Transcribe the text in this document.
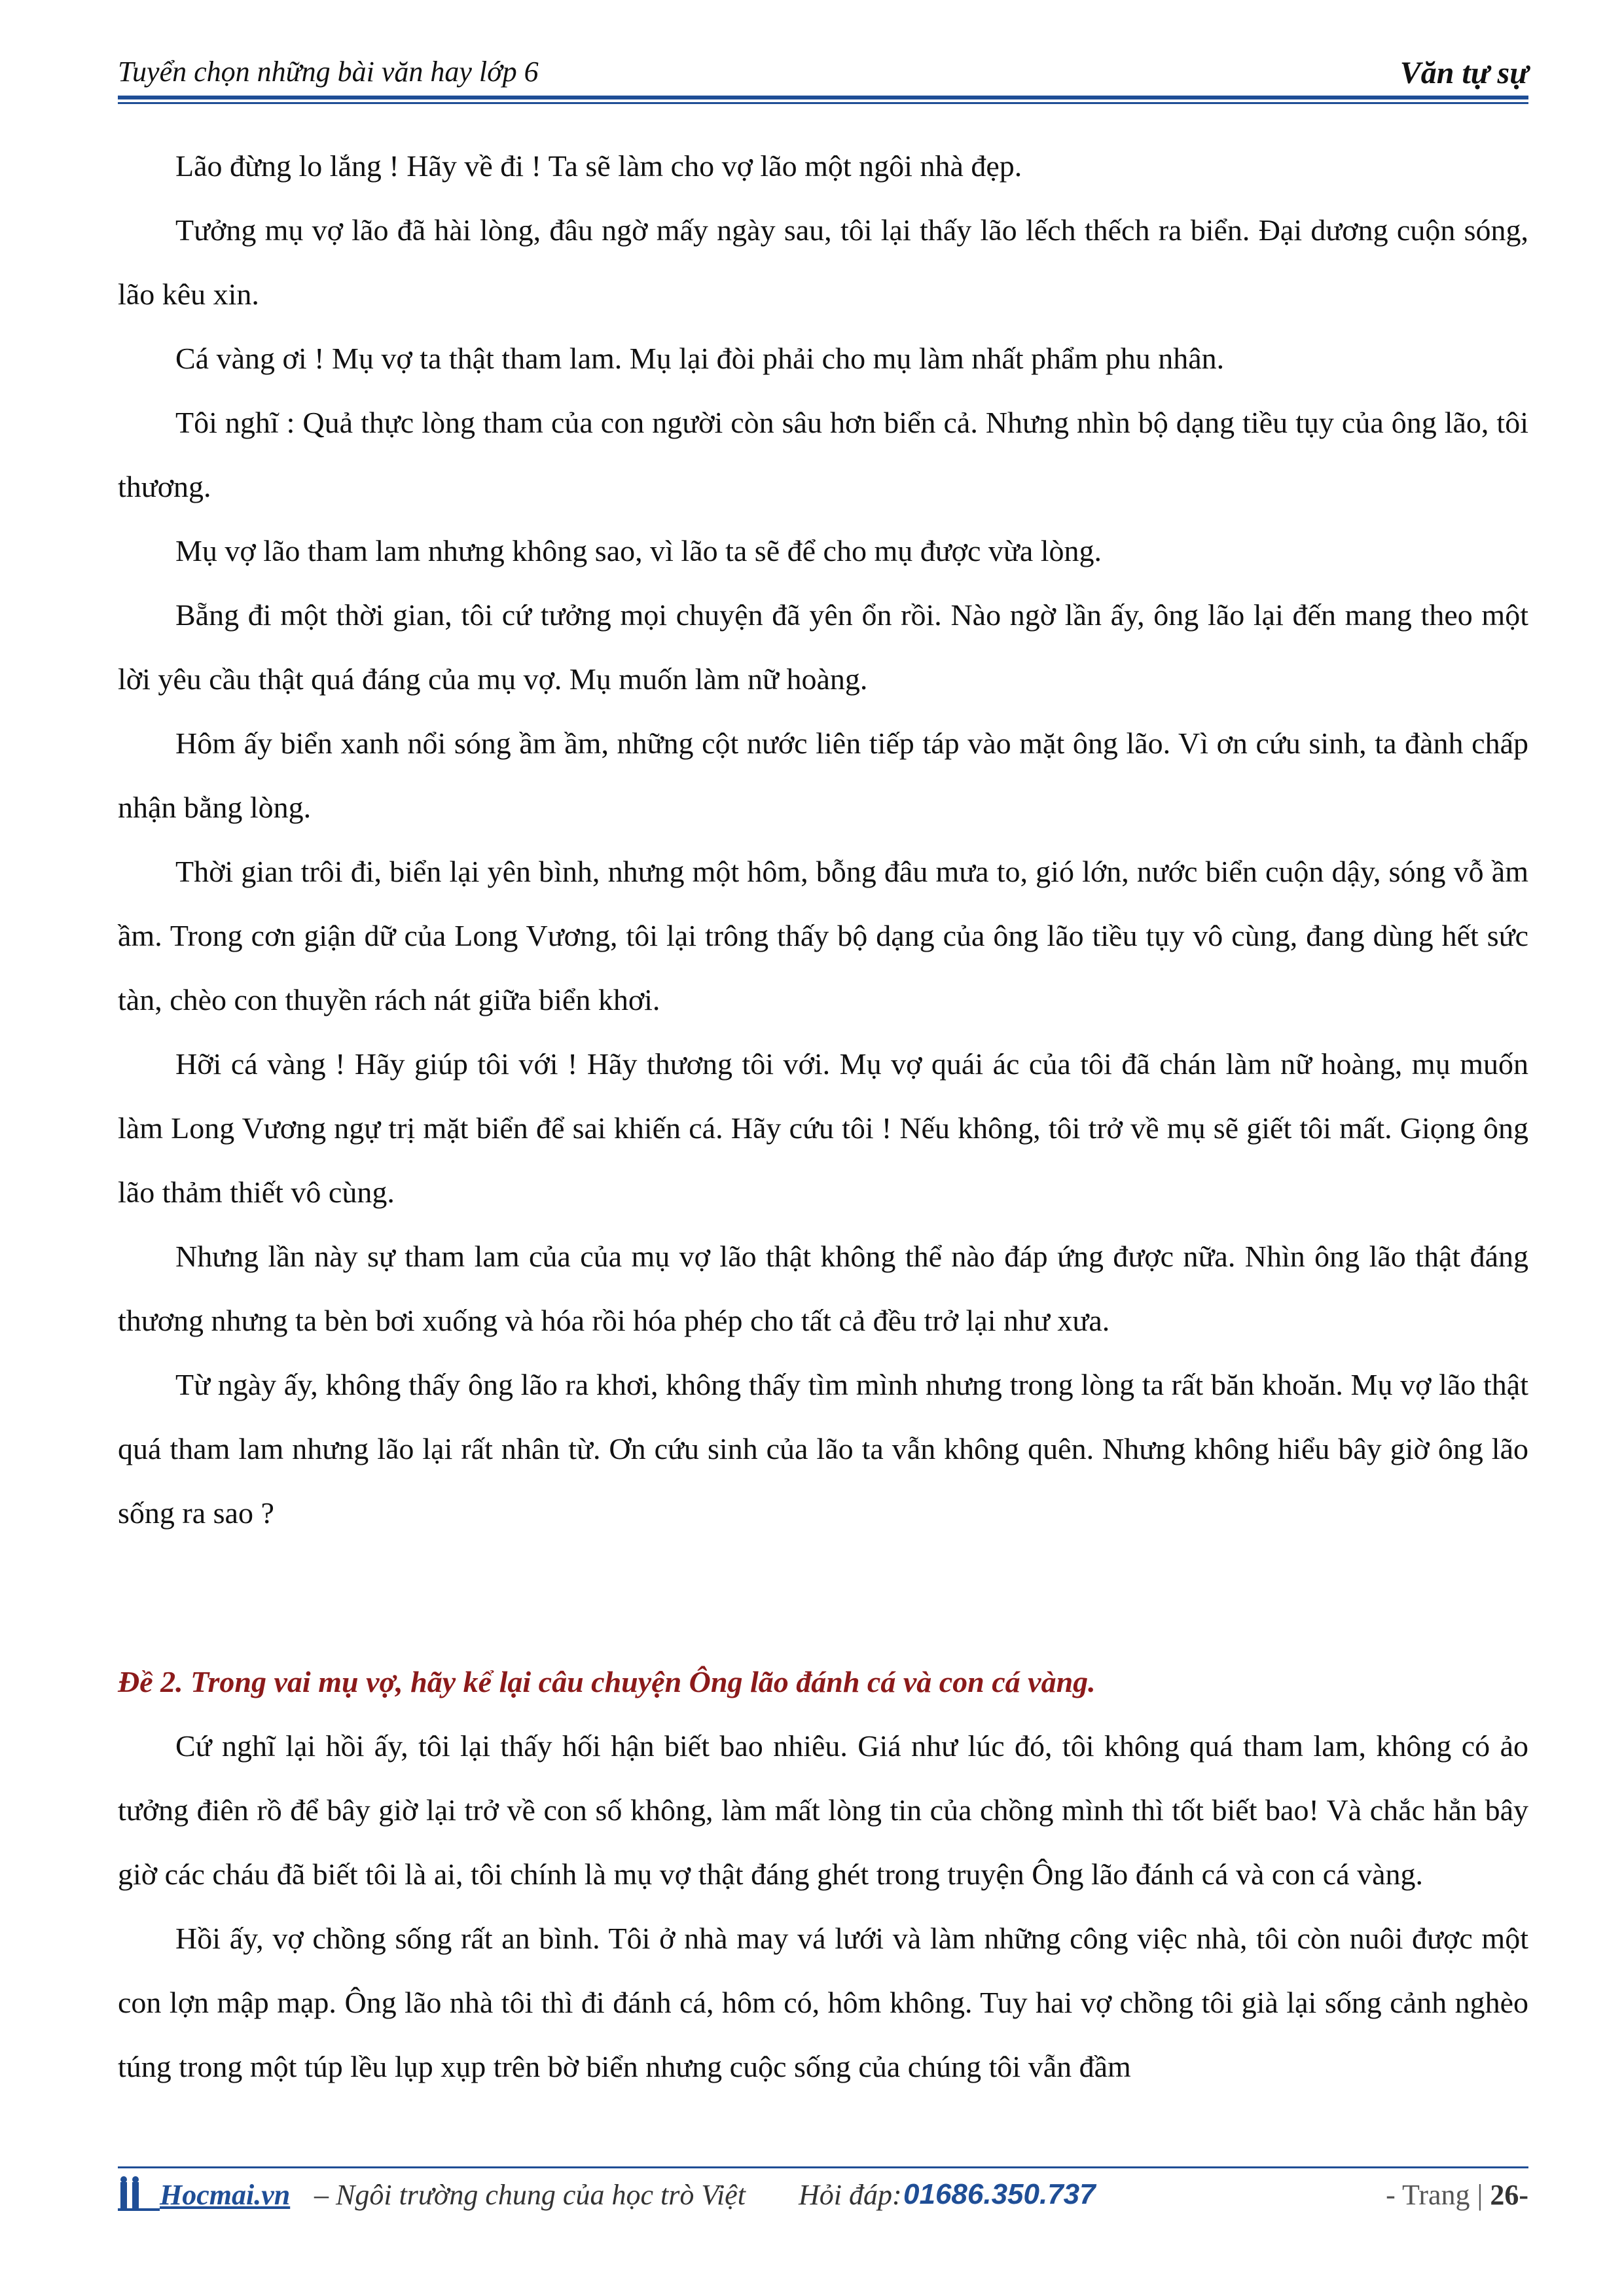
Tuyển chọn những bài văn hay lớp 6	Văn tự sự

Lão đừng lo lắng ! Hãy về đi ! Ta sẽ làm cho vợ lão một ngôi nhà đẹp.

Tưởng mụ vợ lão đã hài lòng, đâu ngờ mấy ngày sau, tôi lại thấy lão lếch thếch ra biển. Đại dương cuộn sóng, lão kêu xin.

Cá vàng ơi ! Mụ vợ ta thật tham lam. Mụ lại đòi phải cho mụ làm nhất phẩm phu nhân.

Tôi nghĩ : Quả thực lòng tham của con người còn sâu hơn biển cả. Nhưng nhìn bộ dạng tiều tụy của ông lão, tôi thương.

Mụ vợ lão tham lam nhưng không sao, vì lão ta sẽ để cho mụ được vừa lòng.

Bẵng đi một thời gian, tôi cứ tưởng mọi chuyện đã yên ổn rồi. Nào ngờ lần ấy, ông lão lại đến mang theo một lời yêu cầu thật quá đáng của mụ vợ. Mụ muốn làm nữ hoàng.

Hôm ấy biển xanh nổi sóng ầm ầm, những cột nước liên tiếp táp vào mặt ông lão. Vì ơn cứu sinh, ta đành chấp nhận bằng lòng.

Thời gian trôi đi, biển lại yên bình, nhưng một hôm, bỗng đâu mưa to, gió lớn, nước biển cuộn dậy, sóng vỗ ầm ầm. Trong cơn giận dữ của Long Vương, tôi lại trông thấy bộ dạng của ông lão tiều tụy vô cùng, đang dùng hết sức tàn, chèo con thuyền rách nát giữa biển khơi.

Hỡi cá vàng ! Hãy giúp tôi với ! Hãy thương tôi với. Mụ vợ quái ác của tôi đã chán làm nữ hoàng, mụ muốn làm Long Vương ngự trị mặt biển để sai khiến cá. Hãy cứu tôi ! Nếu không, tôi trở về mụ sẽ giết tôi mất. Giọng ông lão thảm thiết vô cùng.

Nhưng lần này sự tham lam của của mụ vợ lão thật không thể nào đáp ứng được nữa. Nhìn ông lão thật đáng thương nhưng ta bèn bơi xuống và hóa rồi hóa phép cho tất cả đều trở lại như xưa.

Từ ngày ấy, không thấy ông lão ra khơi, không thấy tìm mình nhưng trong lòng ta rất băn khoăn. Mụ vợ lão thật quá tham lam nhưng lão lại rất nhân từ. Ơn cứu sinh của lão ta vẫn không quên. Nhưng không hiểu bây giờ ông lão sống ra sao ?

Đề 2. Trong vai mụ vợ, hãy kể lại câu chuyện Ông lão đánh cá và con cá vàng.

Cứ nghĩ lại hồi ấy, tôi lại thấy hối hận biết bao nhiêu. Giá như lúc đó, tôi không quá tham lam, không có ảo tưởng điên rồ để bây giờ lại trở về con số không, làm mất lòng tin của chồng mình thì tốt biết bao! Và chắc hẳn bây giờ các cháu đã biết tôi là ai, tôi chính là mụ vợ thật đáng ghét trong truyện Ông lão đánh cá và con cá vàng.

Hồi ấy, vợ chồng sống rất an bình. Tôi ở nhà may vá lưới và làm những công việc nhà, tôi còn nuôi được một con lợn mập mạp. Ông lão nhà tôi thì đi đánh cá, hôm có, hôm không. Tuy hai vợ chồng tôi già lại sống cảnh nghèo túng trong một túp lều lụp xụp trên bờ biển nhưng cuộc sống của chúng tôi vẫn đầm

Hocmai.vn – Ngôi trường chung của học trò Việt Hỏi đáp: 01686.350.737	- Trang | 26-
